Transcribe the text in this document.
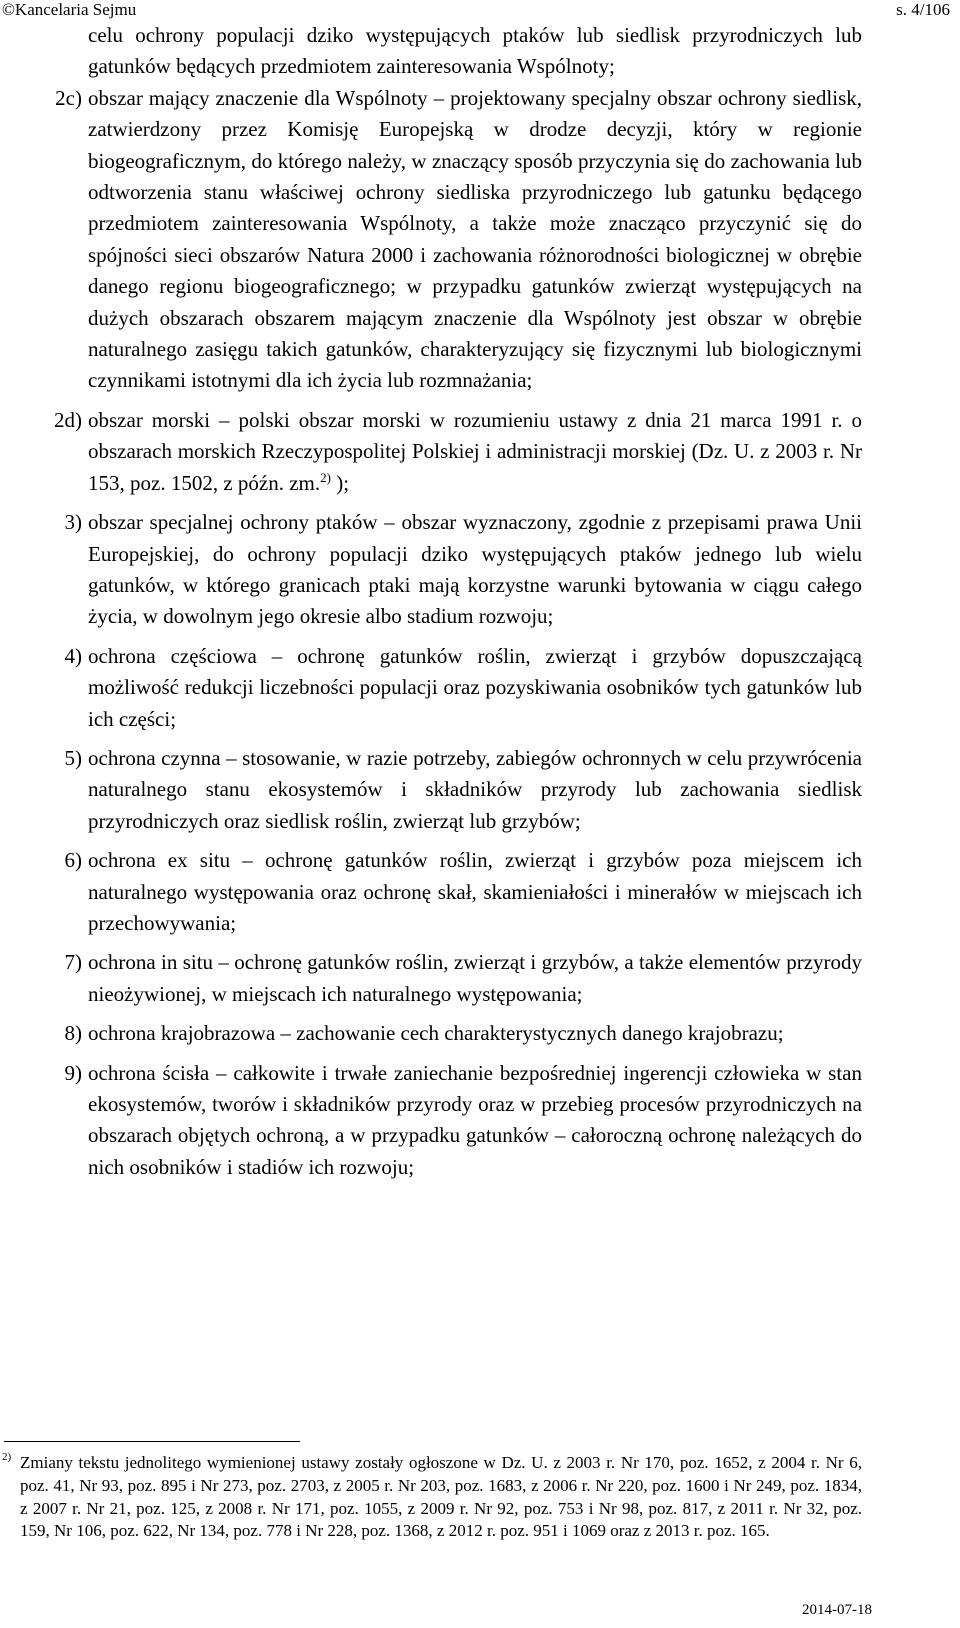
©Kancelaria Sejmu	s. 4/106
celu ochrony populacji dziko występujących ptaków lub siedlisk przyrodniczych lub gatunków będących przedmiotem zainteresowania Wspólnoty;
2c) obszar mający znaczenie dla Wspólnoty – projektowany specjalny obszar ochrony siedlisk, zatwierdzony przez Komisję Europejską w drodze decyzji, który w regionie biogeograficznym, do którego należy, w znaczący sposób przyczynia się do zachowania lub odtworzenia stanu właściwej ochrony siedliska przyrodniczego lub gatunku będącego przedmiotem zainteresowania Wspólnoty, a także może znacząco przyczynić się do spójności sieci obszarów Natura 2000 i zachowania różnorodności biologicznej w obrębie danego regionu biogeograficznego; w przypadku gatunków zwierząt występujących na dużych obszarach obszarem mającym znaczenie dla Wspólnoty jest obszar w obrębie naturalnego zasięgu takich gatunków, charakteryzujący się fizycznymi lub biologicznymi czynnikami istotnymi dla ich życia lub rozmnażania;
2d) obszar morski – polski obszar morski w rozumieniu ustawy z dnia 21 marca 1991 r. o obszarach morskich Rzeczypospolitej Polskiej i administracji morskiej (Dz. U. z 2003 r. Nr 153, poz. 1502, z późn. zm.$^{2)}$ );
3) obszar specjalnej ochrony ptaków – obszar wyznaczony, zgodnie z przepisami prawa Unii Europejskiej, do ochrony populacji dziko występujących ptaków jednego lub wielu gatunków, w którego granicach ptaki mają korzystne warunki bytowania w ciągu całego życia, w dowolnym jego okresie albo stadium rozwoju;
4) ochrona częściowa – ochronę gatunków roślin, zwierząt i grzybów dopuszczającą możliwość redukcji liczebności populacji oraz pozyskiwania osobników tych gatunków lub ich części;
5) ochrona czynna – stosowanie, w razie potrzeby, zabiegów ochronnych w celu przywrócenia naturalnego stanu ekosystemów i składników przyrody lub zachowania siedlisk przyrodniczych oraz siedlisk roślin, zwierząt lub grzybów;
6) ochrona ex situ – ochronę gatunków roślin, zwierząt i grzybów poza miejscem ich naturalnego występowania oraz ochronę skał, skamieniałości i minerałów w miejscach ich przechowywania;
7) ochrona in situ – ochronę gatunków roślin, zwierząt i grzybów, a także elementów przyrody nieożywionej, w miejscach ich naturalnego występowania;
8) ochrona krajobrazowa – zachowanie cech charakterystycznych danego krajobrazu;
9) ochrona ścisła – całkowite i trwałe zaniechanie bezpośredniej ingerencji człowieka w stan ekosystemów, tworów i składników przyrody oraz w przebieg procesów przyrodniczych na obszarach objętych ochroną, a w przypadku gatunków – całoroczną ochronę należących do nich osobników i stadiów ich rozwoju;
2) Zmiany tekstu jednolitego wymienionej ustawy zostały ogłoszone w Dz. U. z 2003 r. Nr 170, poz. 1652, z 2004 r. Nr 6, poz. 41, Nr 93, poz. 895 i Nr 273, poz. 2703, z 2005 r. Nr 203, poz. 1683, z 2006 r. Nr 220, poz. 1600 i Nr 249, poz. 1834, z 2007 r. Nr 21, poz. 125, z 2008 r. Nr 171, poz. 1055, z 2009 r. Nr 92, poz. 753 i Nr 98, poz. 817, z 2011 r. Nr 32, poz. 159, Nr 106, poz. 622, Nr 134, poz. 778 i Nr 228, poz. 1368, z 2012 r. poz. 951 i 1069 oraz z 2013 r. poz. 165.
2014-07-18
